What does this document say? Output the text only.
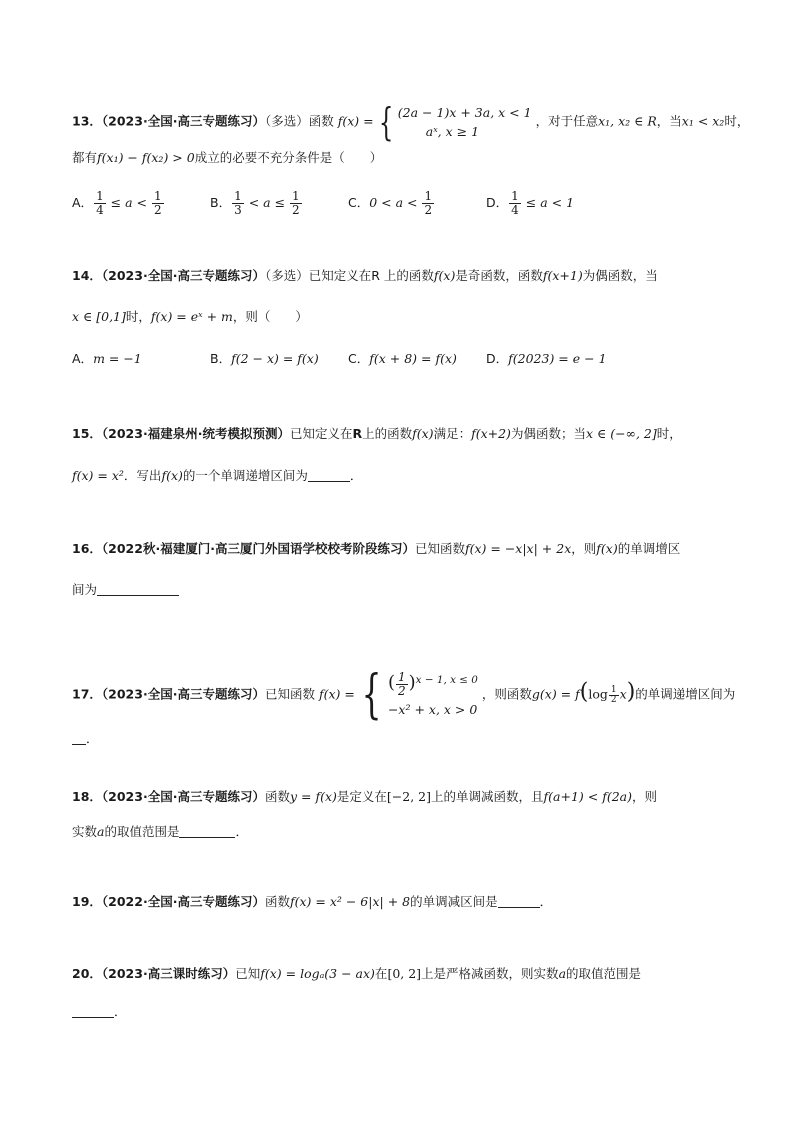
13．（2023·全国·高三专题练习）（多选）函数 f(x) = { (2a − 1)x + 3a, x < 1
aˣ, x ≥ 1
，对于任意x₁, x₂ ∈ R，当x₁ < x₂时，
都有f(x₁) − f(x₂) > 0成立的必要不充分条件是（　　）
A． $\frac{1}{4} \le a < \frac{1}{2}$	B． $\frac{1}{3} < a \le \frac{1}{2}$	C．$0 < a < \frac{1}{2}$	D． $\frac{1}{4} \le a < 1$
14．（2023·全国·高三专题练习）（多选）已知定义在R 上的函数f(x)是奇函数，函数f(x+1)为偶函数，当
x ∈ [0,1]时，f(x) = eˣ + m，则（　　）
A．m = −1	B．f(2 − x) = f(x) C．f(x + 8) = f(x) D．f(2023) = e − 1
15．（2023·福建泉州·统考模拟预测）已知定义在R上的函数f(x)满足：f(x+2)为偶函数；当x ∈ (−∞, 2]时，
f(x) = x²．写出f(x)的一个单调递增区间为	．
16．（2022秋·福建厦门·高三厦门外国语学校校考阶段练习）已知函数f(x) = −x|x| + 2x，则f(x)的单调增区
间为
17．（2023·全国·高三专题练习）已知函数 f(x) = { ( $\frac{1}{2} )^{x - 1, x \le 0}$
−x² + x, x > 0
，则函数$g(x) = f(\log \frac{1}{2} x)$的单调递增区间为
．
18．（2023·全国·高三专题练习）函数y = f(x)是定义在[−2, 2]上的单调减函数，且f(a+1) < f(2a)，则
实数a的取值范围是	．
19．（2022·全国·高三专题练习）函数f(x) = x² − 6|x| + 8的单调减区间是	．
20．（2023·高三课时练习）已知f(x) = logₐ(3 − ax)在[0, 2]上是严格减函数，则实数a的取值范围是
．
